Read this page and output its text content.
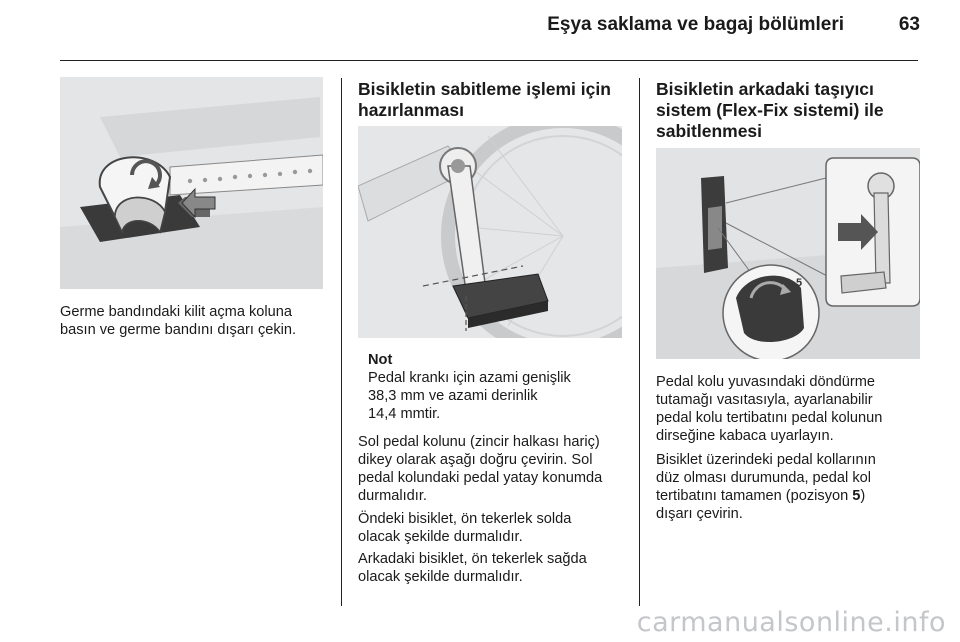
Eşya saklama ve bagaj bölümleri	63

Germe bandındaki kilit açma koluna
basın ve germe bandını dışarı çekin.

Bisikletin sabitleme işlemi için
hazırlanması

Not
Pedal krankı için azami genişlik
38,3 mm ve azami derinlik
14,4 mmtir.

Sol pedal kolunu (zincir halkası hariç)
dikey olarak aşağı doğru çevirin. Sol
pedal kolundaki pedal yatay konumda
durmalıdır.

Öndeki bisiklet, ön tekerlek solda
olacak şekilde durmalıdır.

Arkadaki bisiklet, ön tekerlek sağda
olacak şekilde durmalıdır.

Bisikletin arkadaki taşıyıcı
sistem (Flex-Fix sistemi) ile
sabitlenmesi
5

Pedal kolu yuvasındaki döndürme
tutamağı vasıtasıyla, ayarlanabilir
pedal kolu tertibatını pedal kolunun
dirseğine kabaca uyarlayın.

Bisiklet üzerindeki pedal kollarının
düz olması durumunda, pedal kol
tertibatını tamamen (pozisyon 5)
dışarı çevirin.

carmanualsonline.info
